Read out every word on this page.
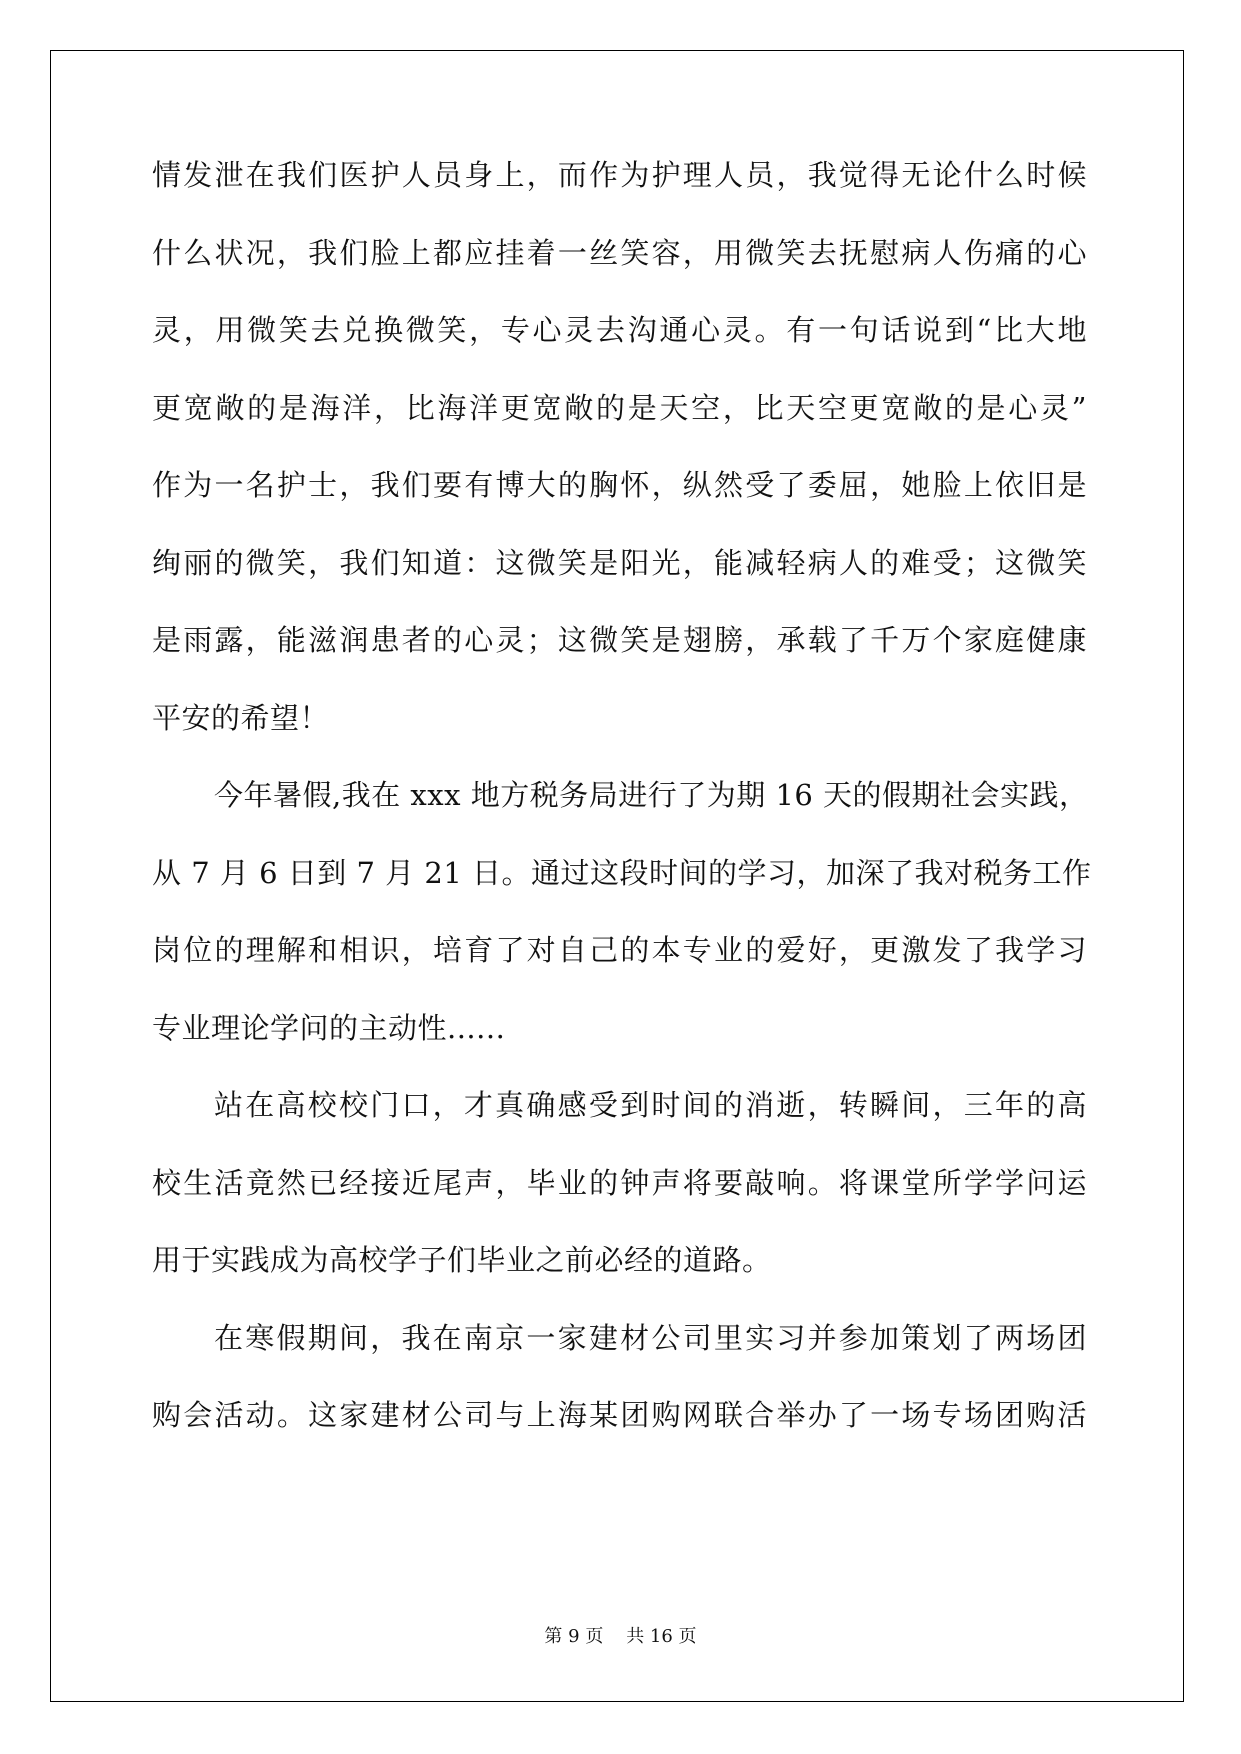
情发泄在我们医护人员身上，而作为护理人员，我觉得无论什么时候
什么状况，我们脸上都应挂着一丝笑容，用微笑去抚慰病人伤痛的心
灵，用微笑去兑换微笑，专心灵去沟通心灵。有一句话说到“比大地
更宽敞的是海洋，比海洋更宽敞的是天空，比天空更宽敞的是心灵”
作为一名护士，我们要有博大的胸怀，纵然受了委屈，她脸上依旧是
绚丽的微笑，我们知道：这微笑是阳光，能减轻病人的难受；这微笑
是雨露，能滋润患者的心灵；这微笑是翅膀，承载了千万个家庭健康
平安的希望！
今年暑假,我在 xxx 地方税务局进行了为期 16 天的假期社会实践，
从 7 月 6 日到 7 月 21 日。通过这段时间的学习，加深了我对税务工作
岗位的理解和相识，培育了对自己的本专业的爱好，更激发了我学习
专业理论学问的主动性......
站在高校校门口，才真确感受到时间的消逝，转瞬间，三年的高
校生活竟然已经接近尾声，毕业的钟声将要敲响。将课堂所学学问运
用于实践成为高校学子们毕业之前必经的道路。
在寒假期间，我在南京一家建材公司里实习并参加策划了两场团
购会活动。这家建材公司与上海某团购网联合举办了一场专场团购活
第 9 页    共 16 页
